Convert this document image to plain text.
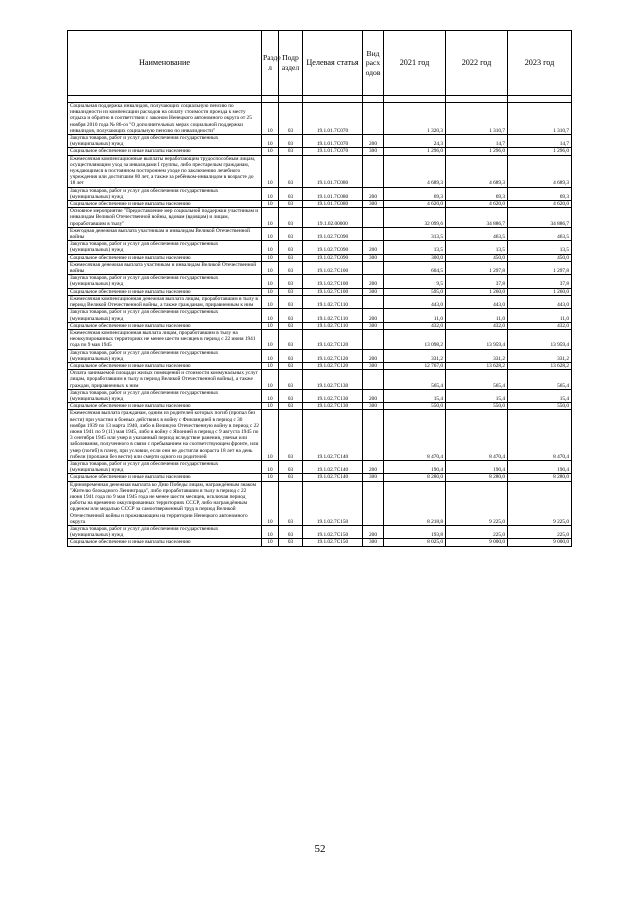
Наименование	Разде л	Подр аздел	Целевая статья	Вид расх одов	2021 год	2022 год	2023 год

Социальная поддержка инвалидов, получающих социальную пенсию по инвалидности из компенсации расходов на оплату стоимости проезда к месту отдыха и обратно в соответствии с законом Ненецкого автономного округа от 25 ноября 2010 года № 86-оз "О дополнительных мерах социальной поддержки инвалидов, получающих социальную пенсию по инвалидности"	10	03	19.1.01.7С070		1 320,3	1 310,7	1 310,7
Закупка товаров, работ и услуг для обеспечения государственных (муниципальных) нужд	10	03	19.1.01.7С070	200	24,3	14,7	14,7
Социальное обеспечение и иные выплаты населению	10	03	19.1.01.7С070	300	1 296,0	1 296,0	1 296,0
Ежемесячная компенсационные выплаты неработающим трудоспособным лицам, осуществляющим уход за инвалидами I группы, либо престарелым гражданам, нуждающимся в постоянном постороннем уходе по заключению лечебного учреждения или достигшим 80 лет, а также за ребёнком-инвалидом в возрасте до 18 лет	10	03	19.1.01.7С080		4 689,3	4 689,3	4 689,3
Закупка товаров, работ и услуг для обеспечения государственных (муниципальных) нужд	10	03	19.1.01.7С080	200	69,3	69,3	69,3
Социальное обеспечение и иные выплаты населению	10	03	19.1.01.7С080	300	4 620,0	4 620,0	4 620,0
Основное мероприятие "Предоставление мер социальной поддержки участникам и инвалидам Великой Отечественной войны, вдовам (вдовцам) и лицам, проработавшим в тылу"	10	03	19.1.02.00000		32 099,6	34 886,7	34 886,7
Ежегодная денежная выплата участникам и инвалидам Великой Отечественной войны	10	03	19.1.02.7С090		313,5	463,5	463,5
Закупка товаров, работ и услуг для обеспечения государственных (муниципальных) нужд	10	03	19.1.02.7С090	200	13,5	13,5	13,5
Социальное обеспечение и иные выплаты населению	10	03	19.1.02.7С090	300	300,0	450,0	450,0
Ежемесячная денежная выплата участникам и инвалидам Великой Отечественной войны	10	03	19.1.02.7С100		604,5	1 297,8	1 297,8
Закупка товаров, работ и услуг для обеспечения государственных (муниципальных) нужд	10	03	19.1.02.7С100	200	9,5	37,8	37,8
Социальное обеспечение и иные выплаты населению	10	03	19.1.02.7С100	300	595,0	1 260,0	1 260,0
Ежемесячная компенсационная денежная выплата лицам, проработавшим в тылу в период Великой Отечественной войны, а также гражданам, приравненным к ним	10	03	19.1.02.7С110		443,0	443,0	443,0
Закупка товаров, работ и услуг для обеспечения государственных (муниципальных) нужд	10	03	19.1.02.7С110	200	11,0	11,0	11,0
Социальное обеспечение и иные выплаты населению	10	03	19.1.02.7С110	300	432,0	432,0	432,0
Ежемесячная компенсационная выплата лицам, проработавшим в тылу на неоккупированных территориях не менее шести месяцев в период с 22 июня 1941 года по 9 мая 1945	10	03	19.1.02.7С120		13 098,2	13 959,4	13 959,4
Закупка товаров, работ и услуг для обеспечения государственных (муниципальных) нужд	10	03	19.1.02.7С120	200	331,2	331,2	331,2
Социальное обеспечение и иные выплаты населению	10	03	19.1.02.7С120	300	12 767,0	13 628,2	13 628,2
Оплата занимаемой площади жилых помещений и стоимости коммунальных услуг лицам, проработавшим в тылу в период Великой Отечественной войны), а также граждан, приравненных к ним	10	03	19.1.02.7С130		565,4	565,4	565,4
Закупка товаров, работ и услуг для обеспечения государственных (муниципальных) нужд	10	03	19.1.02.7С130	200	15,4	15,4	15,4
Социальное обеспечение и иные выплаты населению	10	03	19.1.02.7С130	300	550,0	550,0	550,0
Ежемесячная выплата гражданам, одним из родителей которых погиб (пропал без вести) при участии в боевых действиях в войну с Финляндией в период с 30 ноября 1939 по 13 марта 1940, либо в Великую Отечественную войну в период с 22 июня 1941 по 9 (11) мая 1945, либо в войну с Японией в период с 9 августа 1945 по 3 сентября 1945 или умер в указанный период вследствие ранения, увечья или заболевания, полученного в связи с пребыванием на соответствующем фронте, или умер (погиб) в плену, при условии, если они не достигли возраста 18 лет на день гибели (пропажи без вести) или смерти одного из родителей	10	03	19.1.02.7С140		8 470,4	8 470,4	8 470,4
Закупка товаров, работ и услуг для обеспечения государственных (муниципальных) нужд	10	03	19.1.02.7С140	200	190,4	190,4	190,4
Социальное обеспечение и иные выплаты населению	10	03	19.1.02.7С140	300	8 280,0	8 280,0	8 280,0
Единовременная денежная выплата ко Дню Победы лицам, награждённым знаком "Жителю блокадного Ленинграда", либо проработавшим в тылу в период с 22 июня 1941 года по 9 мая 1945 года не менее шести месяцев, исключая период работы на временно оккупированных территориях СССР, либо награждённым орденом или медалью СССР за самоотверженный труд в период Великой Отечественной войны и проживающим на территории Ненецкого автономного округа	10	03	19.1.02.7С150		8 218,8	9 225,0	9 225,0
Закупка товаров, работ и услуг для обеспечения государственных (муниципальных) нужд	10	03	19.1.02.7С150	200	193,8	225,0	225,0
Социальное обеспечение и иные выплаты населению	10	03	19.1.02.7С150	300	8 025,0	9 000,0	9 000,0
52
